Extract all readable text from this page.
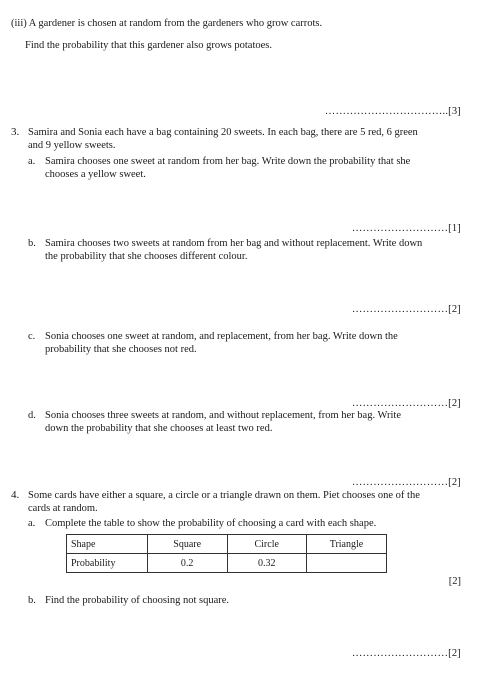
(iii) A gardener is chosen at random from the gardeners who grow carrots.
Find the probability that this gardener also grows potatoes.
……………………………..[3]
3. Samira and Sonia each have a bag containing 20 sweets. In each bag, there are 5 red, 6 green
and 9 yellow sweets.
a. Samira chooses one sweet at random from her bag. Write down the probability that she
chooses a yellow sweet.
………………………[1]
b. Samira chooses two sweets at random from her bag and without replacement. Write down
the probability that she chooses different colour.
………………………[2]
c. Sonia chooses one sweet at random, and replacement, from her bag. Write down the
probability that she chooses not red.
………………………[2]
d. Sonia chooses three sweets at random, and without replacement, from her bag. Write
down the probability that she chooses at least two red.
………………………[2]
4. Some cards have either a square, a circle or a triangle drawn on them. Piet chooses one of the
cards at random.
a. Complete the table to show the probability of choosing a card with each shape.
Shape	Square	Circle	Triangle
Probability	0.2	0.32	
[2]
b. Find the probability of choosing not square.
………………………[2]
